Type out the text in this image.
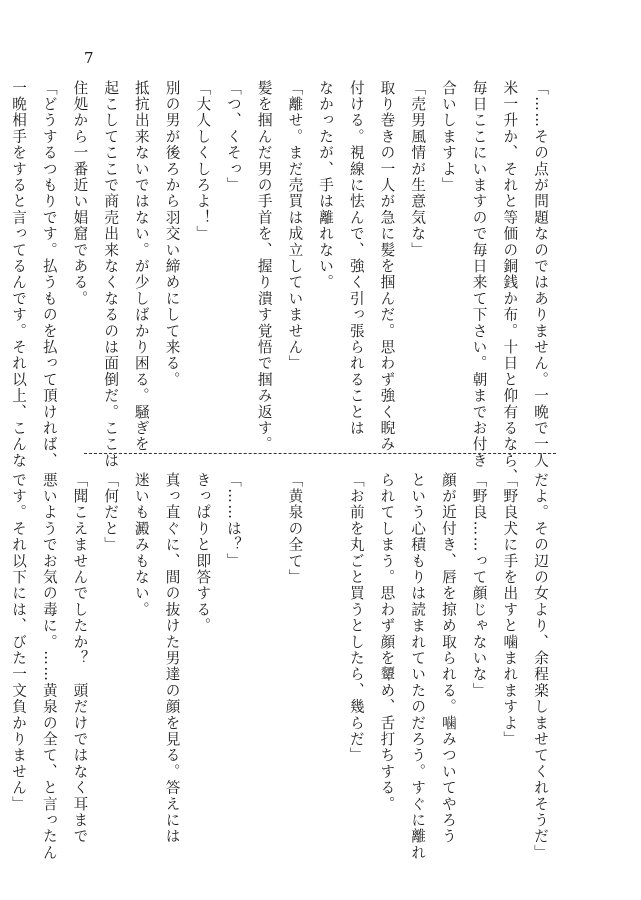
7
「……その点が問題なのではありません。一晩で一人
米一升か、それと等価の銅銭か布。十日と仰有るなら、
毎日ここにいますので毎日来て下さい。朝までお付き
合いしますよ」
「売男風情が生意気な」
取り巻きの一人が急に髪を掴んだ。思わず強く睨み
付ける。視線に怯んで、強く引っ張られることは
なかったが、手は離れない。
「離せ。まだ売買は成立していません」
髪を掴んだ男の手首を、握り潰す覚悟で掴み返す。
「つ、くそっ」
「大人しくしろよ！」
別の男が後ろから羽交い締めにして来る。
抵抗出来ないではない。が少しばかり困る。騒ぎを
起こしてここで商売出来なくなるのは面倒だ。ここは
住処から一番近い娼窟である。
「どうするつもりです。払うものを払って頂ければ、
一晩相手をすると言ってるんです。それ以上、こんな
だよ。その辺の女より、余程楽しませてくれそうだ」
「野良犬に手を出すと噛まれますよ」
「野良……って顔じゃないな」
顔が近付き、唇を掠め取られる。噛みついてやろう
という心積もりは読まれていたのだろう。すぐに離れ
られてしまう。思わず顔を顰め、舌打ちする。
「お前を丸ごと買うとしたら、幾らだ」

「黄泉の全て」

「……は？」
きっぱりと即答する。
真っ直ぐに、間の抜けた男達の顔を見る。答えには
迷いも澱みもない。
「何だと」
「聞こえませんでしたか？　頭だけではなく耳まで
悪いようでお気の毒に。……黄泉の全て、と言ったん
です。それ以下には、びた一文負かりません」
